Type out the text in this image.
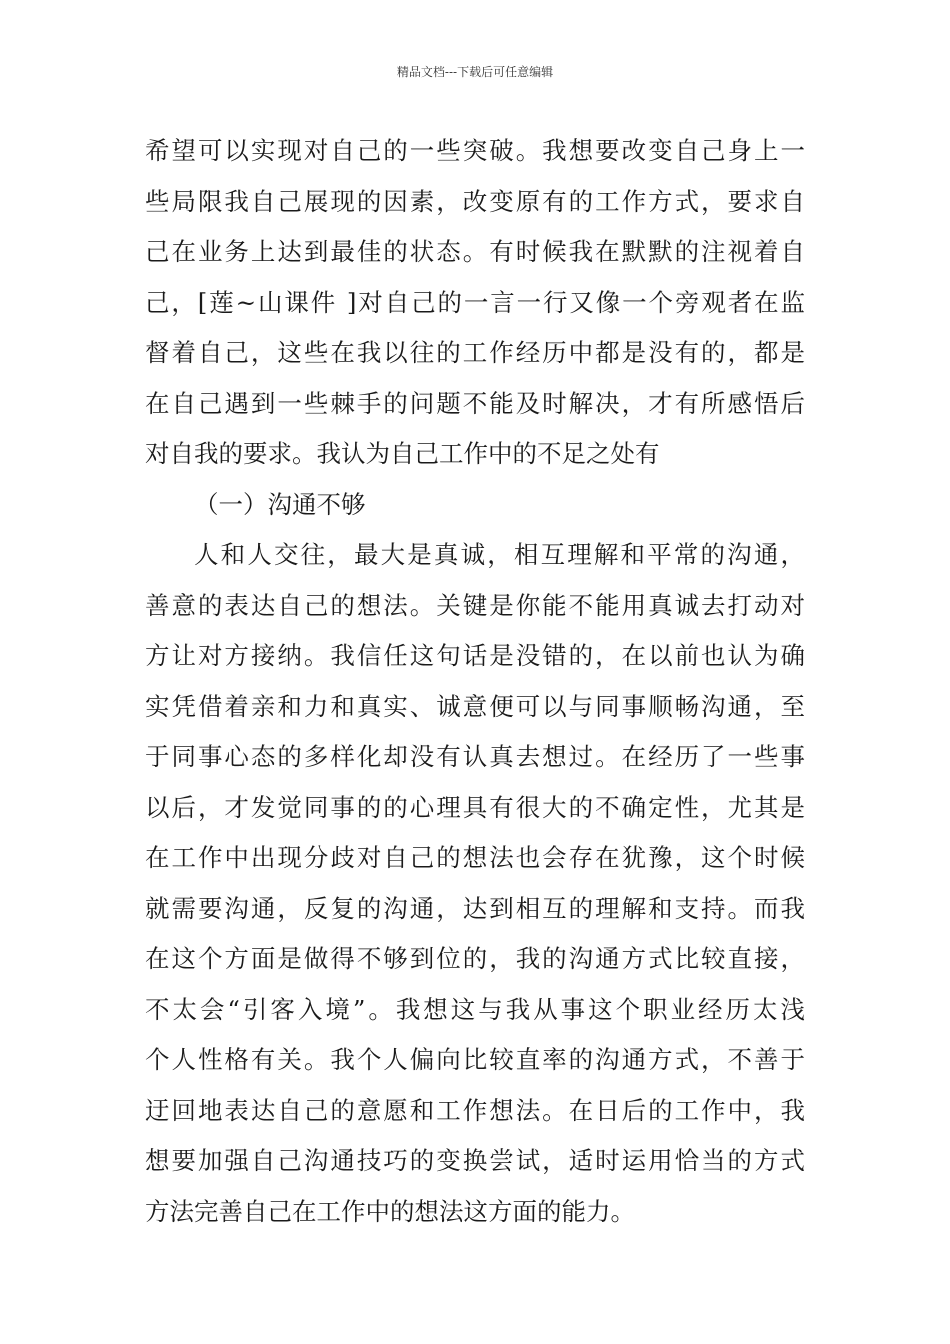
精品文档---下载后可任意编辑
希望可以实现对自己的一些突破。我想要改变自己身上一
些局限我自己展现的因素，改变原有的工作方式，要求自
己在业务上达到最佳的状态。有时候我在默默的注视着自
己，[莲~山课件 ]对自己的一言一行又像一个旁观者在监
督着自己，这些在我以往的工作经历中都是没有的，都是
在自己遇到一些棘手的问题不能及时解决，才有所感悟后
对自我的要求。我认为自己工作中的不足之处有
（一）沟通不够
人和人交往，最大是真诚，相互理解和平常的沟通，
善意的表达自己的想法。关键是你能不能用真诚去打动对
方让对方接纳。我信任这句话是没错的，在以前也认为确
实凭借着亲和力和真实、诚意便可以与同事顺畅沟通，至
于同事心态的多样化却没有认真去想过。在经历了一些事
以后，才发觉同事的的心理具有很大的不确定性，尤其是
在工作中出现分歧对自己的想法也会存在犹豫，这个时候
就需要沟通，反复的沟通，达到相互的理解和支持。而我
在这个方面是做得不够到位的，我的沟通方式比较直接，
不太会“引客入境”。我想这与我从事这个职业经历太浅
个人性格有关。我个人偏向比较直率的沟通方式，不善于
迂回地表达自己的意愿和工作想法。在日后的工作中，我
想要加强自己沟通技巧的变换尝试，适时运用恰当的方式
方法完善自己在工作中的想法这方面的能力。
